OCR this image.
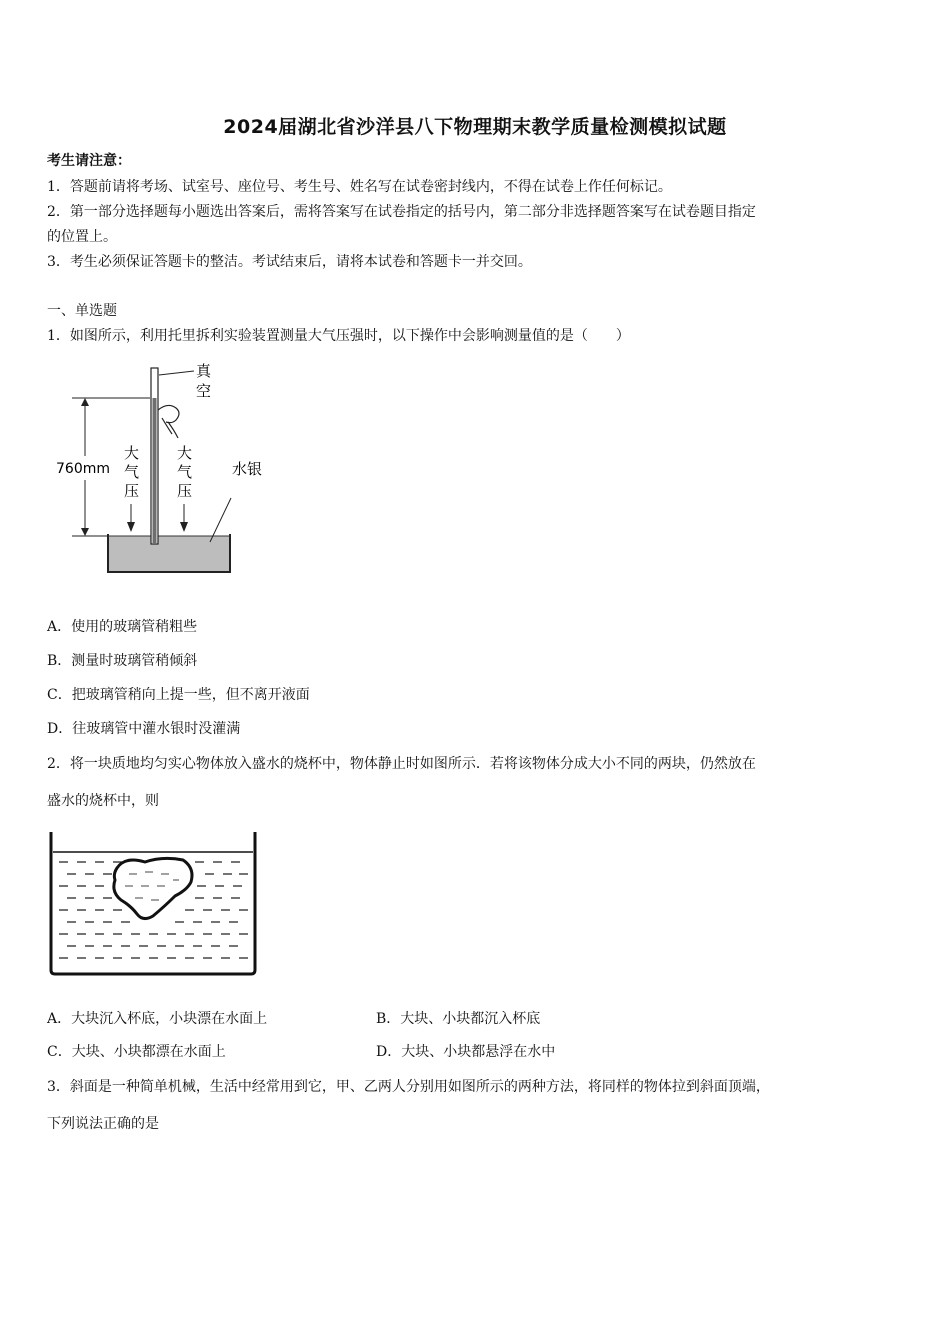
2024届湖北省沙洋县八下物理期末教学质量检测模拟试题
考生请注意：
1．答题前请将考场、试室号、座位号、考生号、姓名写在试卷密封线内，不得在试卷上作任何标记。
2．第一部分选择题每小题选出答案后，需将答案写在试卷指定的括号内，第二部分非选择题答案写在试卷题目指定
的位置上。
3．考生必须保证答题卡的整洁。考试结束后，请将本试卷和答题卡一并交回。
一、单选题
1．如图所示，利用托里拆利实验装置测量大气压强时，以下操作中会影响测量值的是（　　）
真
空
760mm
大
气
压
大
气
压
水银
A．使用的玻璃管稍粗些
B．测量时玻璃管稍倾斜
C．把玻璃管稍向上提一些，但不离开液面
D．往玻璃管中灌水银时没灌满
2．将一块质地均匀实心物体放入盛水的烧杯中，物体静止时如图所示．若将该物体分成大小不同的两块，仍然放在
盛水的烧杯中，则
A．大块沉入杯底，小块漂在水面上	B．大块、小块都沉入杯底
C．大块、小块都漂在水面上	D．大块、小块都悬浮在水中
3．斜面是一种简单机械，生活中经常用到它，甲、乙两人分别用如图所示的两种方法，将同样的物体拉到斜面顶端，
下列说法正确的是
